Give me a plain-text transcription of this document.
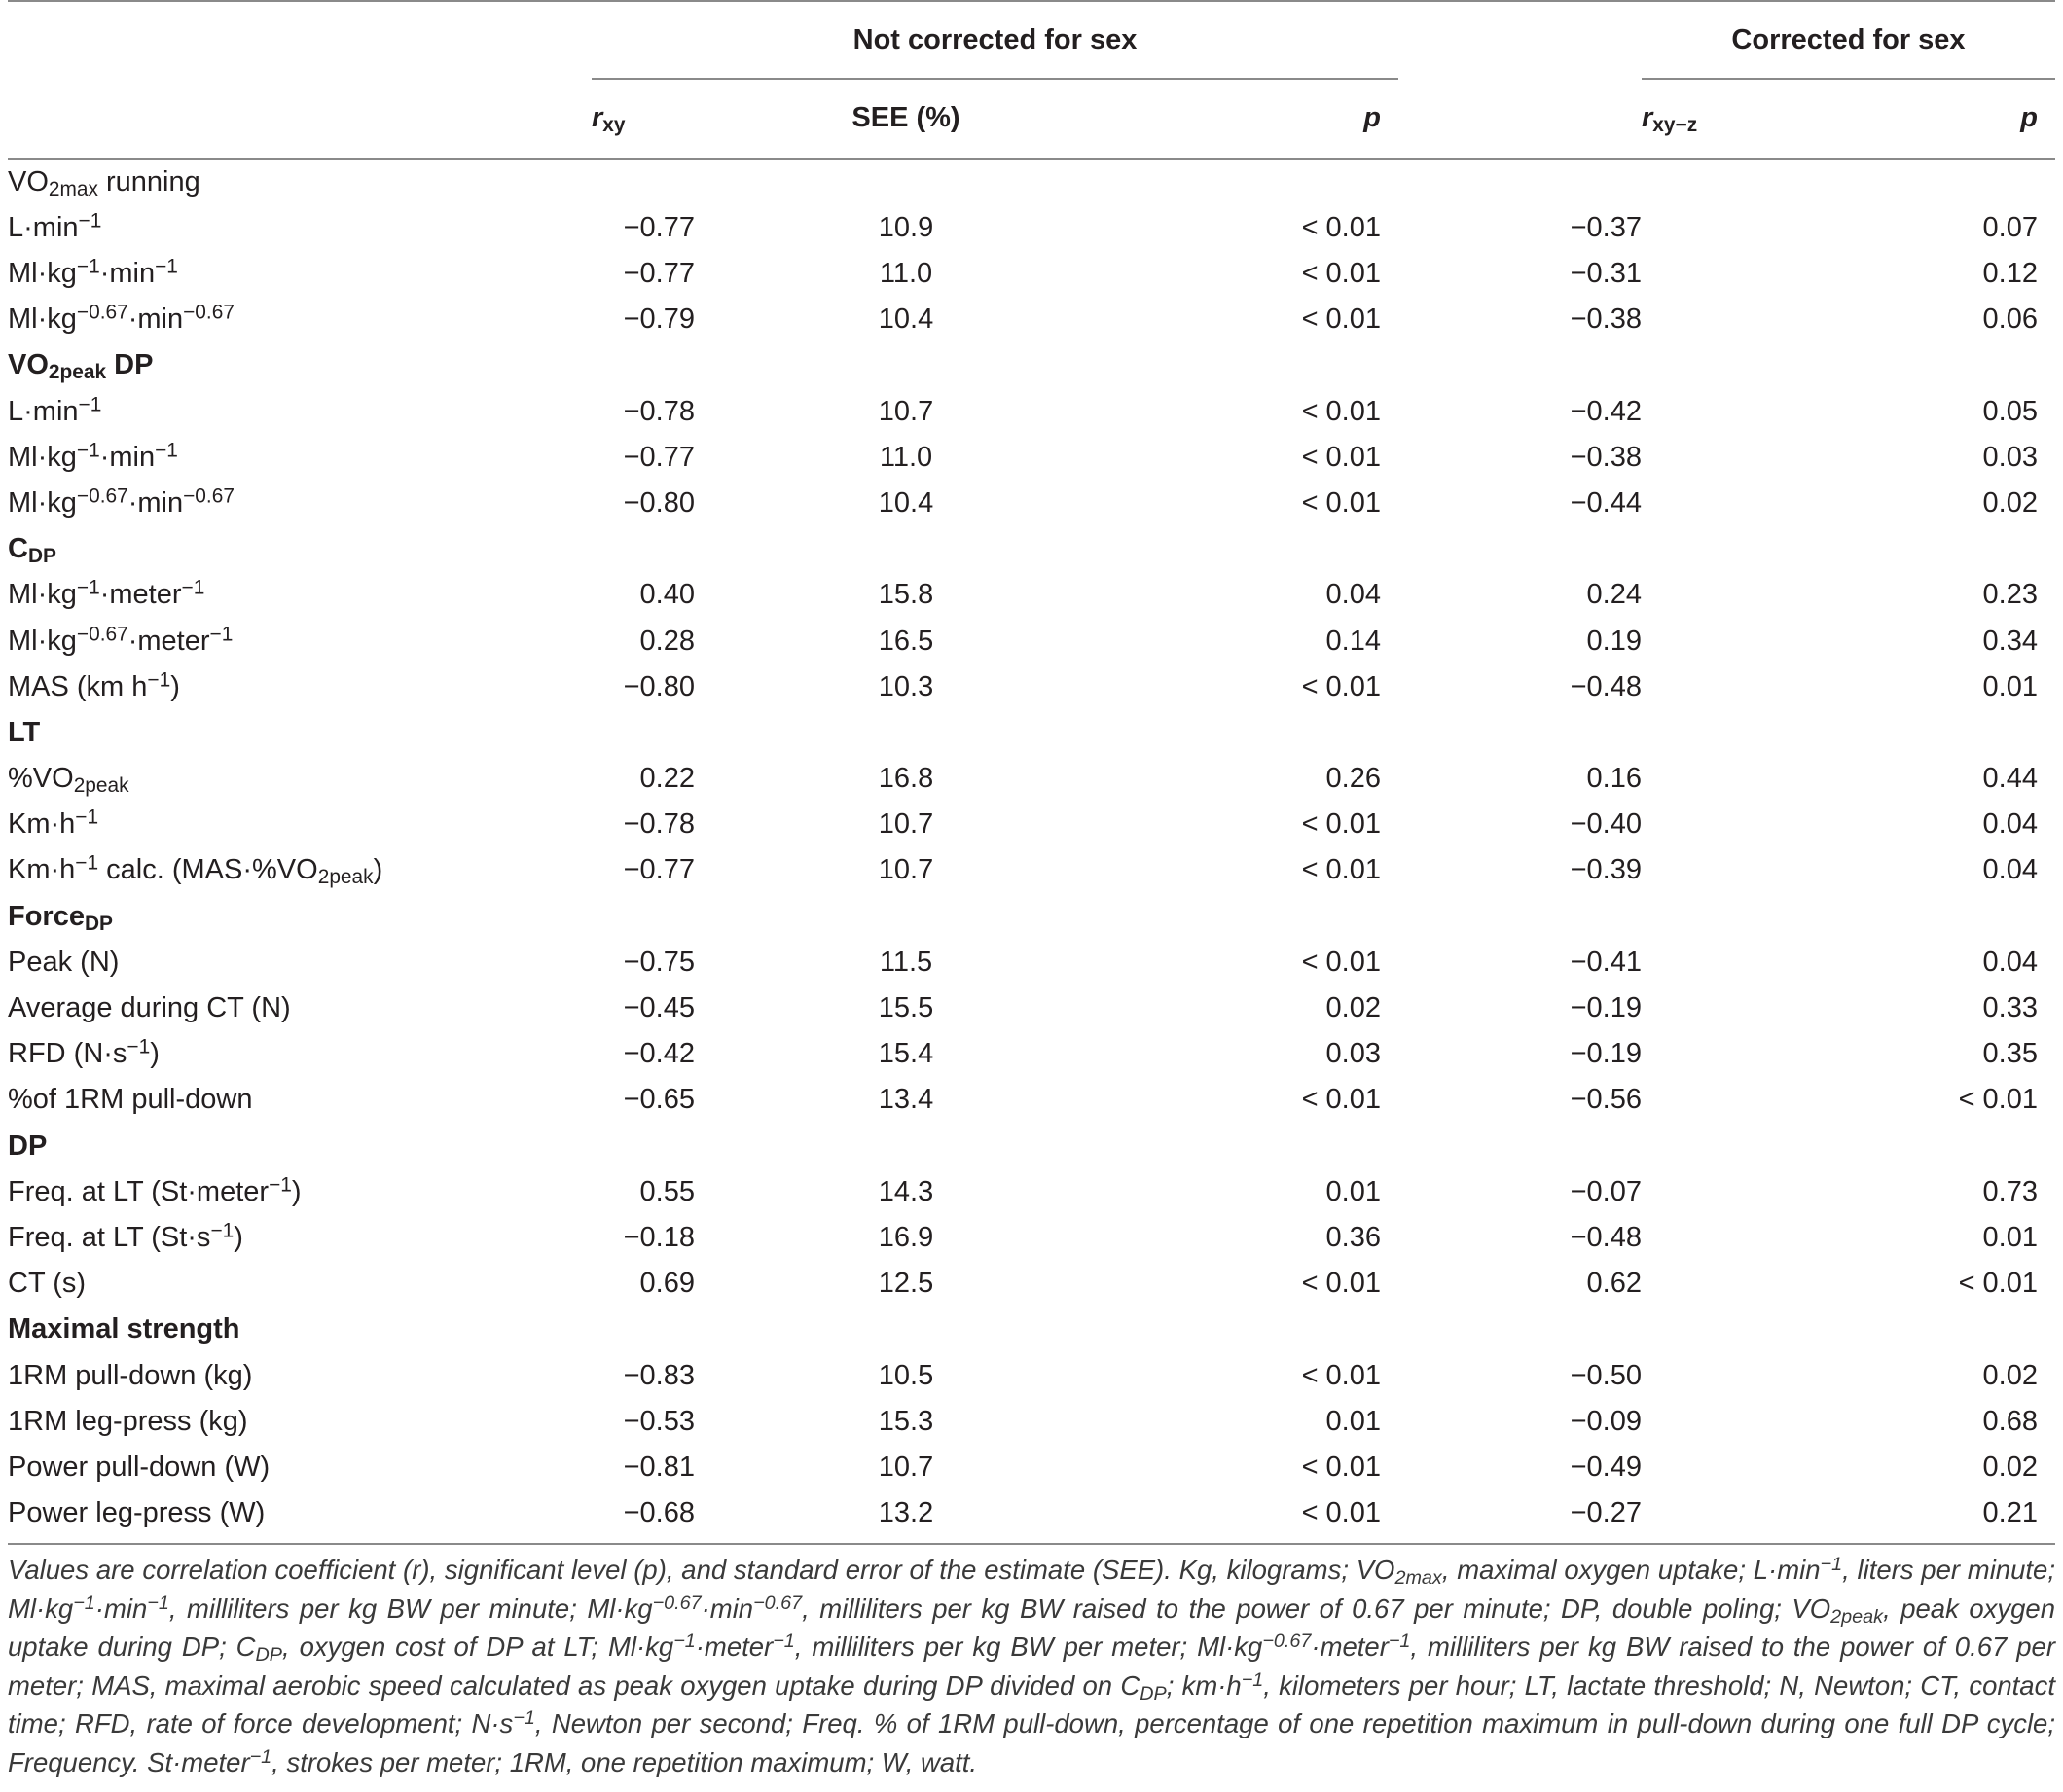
	Not corrected for sex				Corrected for sex	
	$r_{xy}$	SEE (%)	p		$r_{xy-z}$	p

$VO_{2max}$ running						
$L\cdot\min^{-1}$	−0.77	10.9	< 0.01	−0.37		0.07
$Ml\cdot kg^{-1}\cdot\min^{-1}$	−0.77	11.0	< 0.01	−0.31		0.12
$Ml\cdot kg^{-0.67}\cdot\min^{-0.67}$	−0.79	10.4	< 0.01	−0.38		0.06
$VO_{2peak}$ DP						
$L\cdot\min^{-1}$	−0.78	10.7	< 0.01	−0.42		0.05
$Ml\cdot kg^{-1}\cdot\min^{-1}$	−0.77	11.0	< 0.01	−0.38		0.03
$Ml\cdot kg^{-0.67}\cdot\min^{-0.67}$	−0.80	10.4	< 0.01	−0.44		0.02
$C_{DP}$						
$Ml\cdot kg^{-1}\cdot meter^{-1}$	0.40	15.8	0.04	0.24		0.23
$Ml\cdot kg^{-0.67}\cdot meter^{-1}$	0.28	16.5	0.14	0.19		0.34
MAS (km $h^{-1}$)	−0.80	10.3	< 0.01	−0.48		0.01
LT						
$\%VO_{2peak}$	0.22	16.8	0.26	0.16		0.44
$Km\cdot h^{-1}$	−0.78	10.7	< 0.01	−0.40		0.04
$Km\cdot h^{-1}$ calc. $(MAS\cdot\%VO_{2peak})$	−0.77	10.7	< 0.01	−0.39		0.04
Force$_{DP}$						
Peak (N)	−0.75	11.5	< 0.01	−0.41		0.04
Average during CT (N)	−0.45	15.5	0.02	−0.19		0.33
RFD $(N\cdot s^{-1})$	−0.42	15.4	0.03	−0.19		0.35
%of 1RM pull-down	−0.65	13.4	< 0.01	−0.56		< 0.01
DP						
Freq. at LT (St·meter$^{-1}$)	0.55	14.3	0.01	−0.07		0.73
Freq. at LT $(St\cdot s^{-1})$	−0.18	16.9	0.36	−0.48		0.01
CT (s)	0.69	12.5	< 0.01	0.62		< 0.01
Maximal strength						
1RM pull-down (kg)	−0.83	10.5	< 0.01	−0.50		0.02
1RM leg-press (kg)	−0.53	15.3	0.01	−0.09		0.68
Power pull-down (W)	−0.81	10.7	< 0.01	−0.49		0.02
Power leg-press (W)	−0.68	13.2	< 0.01	−0.27		0.21

Values are correlation coefficient (r), significant level (p), and standard error of the estimate (SEE). Kg, kilograms; $VO_{2max}$, maximal oxygen uptake; $L\cdot\min^{-1}$, liters per minute; $Ml\cdot kg^{-1}\cdot\min^{-1}$, milliliters per kg BW per minute; $Ml\cdot kg^{-0.67}\cdot\min^{-0.67}$, milliliters per kg BW raised to the power of 0.67 per minute; DP, double poling; $VO_{2peak}$, peak oxygen uptake during DP; $C_{DP}$, oxygen cost of DP at LT; $Ml\cdot kg^{-1}\cdot meter^{-1}$, milliliters per kg BW per meter; $Ml\cdot kg^{-0.67}\cdot meter^{-1}$, milliliters per kg BW raised to the power of 0.67 per meter; MAS, maximal aerobic speed calculated as peak oxygen uptake during DP divided on $C_{DP}$; $km\cdot h^{-1}$, kilometers per hour; LT, lactate threshold; N, Newton; CT, contact time; RFD, rate of force development; $N\cdot s^{-1}$, Newton per second; Freq. % of 1RM pull-down, percentage of one repetition maximum in pull-down during one full DP cycle; Frequency. St·meter$^{-1}$, strokes per meter; 1RM, one repetition maximum; W, watt.
